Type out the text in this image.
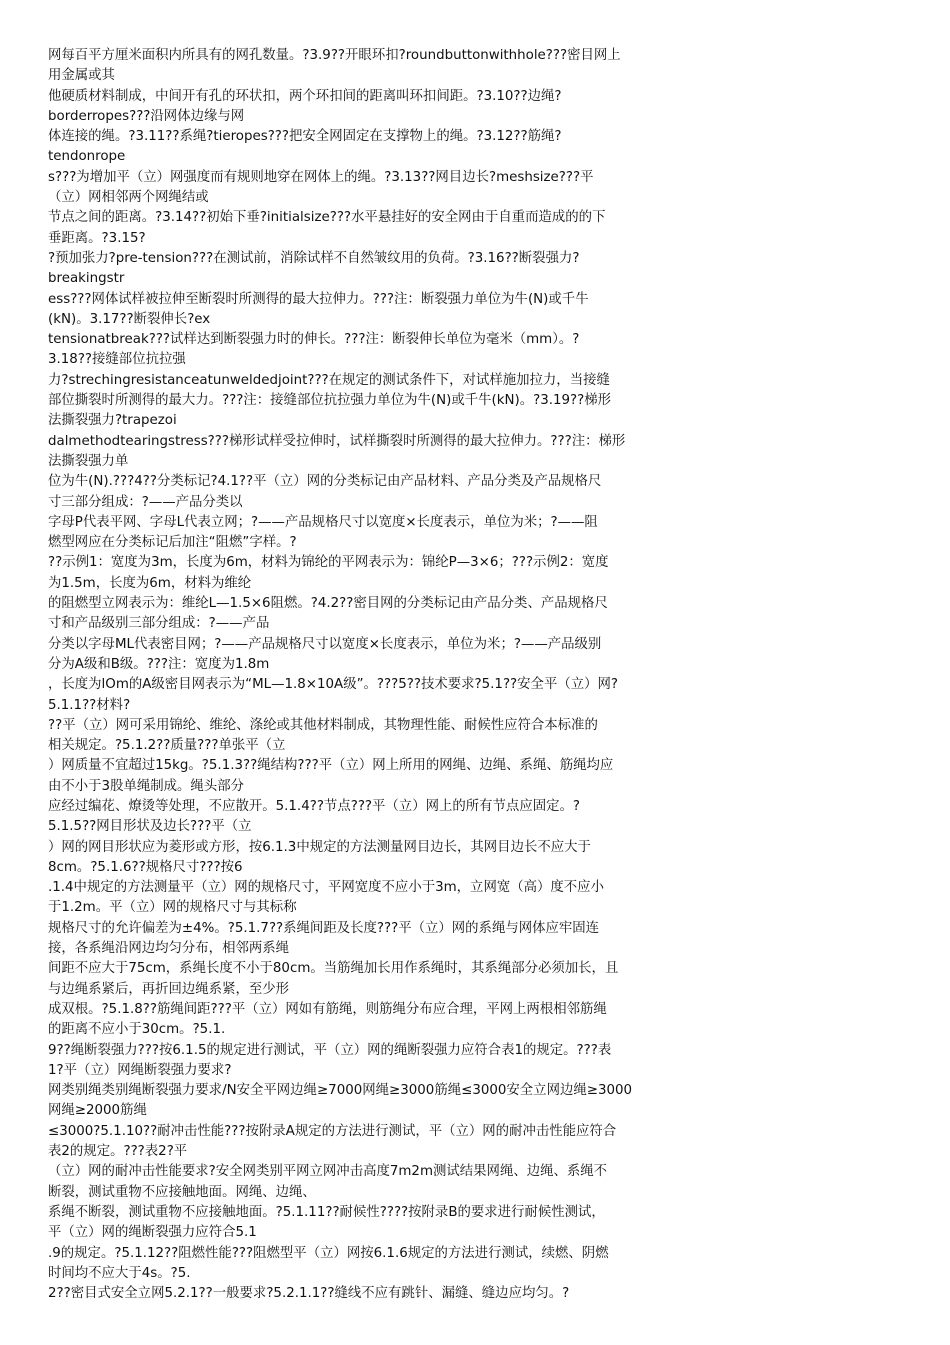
网每百平方厘米面积内所具有的网孔数量。?3.9??开眼环扣?roundbuttonwithhole???密目网上
用金属或其
他硬质材料制成，中间开有孔的环状扣，两个环扣间的距离叫环扣间距。?3.10??边绳?
borderropes???沿网体边缘与网
体连接的绳。?3.11??系绳?tieropes???把安全网固定在支撑物上的绳。?3.12??筋绳?
tendonrope
s???为增加平（立）网强度而有规则地穿在网体上的绳。?3.13??网目边长?meshsize???平
（立）网相邻两个网绳结或
节点之间的距离。?3.14??初始下垂?initialsize???水平悬挂好的安全网由于自重而造成的的下
垂距离。?3.15?
?预加张力?pre-tension???在测试前，消除试样不自然皱纹用的负荷。?3.16??断裂强力?
breakingstr
ess???网体试样被拉伸至断裂时所测得的最大拉伸力。???注：断裂强力单位为牛(N)或千牛
(kN)。3.17??断裂伸长?ex
tensionatbreak???试样达到断裂强力时的伸长。???注：断裂伸长单位为毫米（mm）。?
3.18??接缝部位抗拉强
力?strechingresistanceatunweldedjoint???在规定的测试条件下，对试样施加拉力，当接缝
部位撕裂时所测得的最大力。???注：接缝部位抗拉强力单位为牛(N)或千牛(kN)。?3.19??梯形
法撕裂强力?trapezoi
dalmethodtearingstress???梯形试样受拉伸时，试样撕裂时所测得的最大拉伸力。???注：梯形
法撕裂强力单
位为牛(N).???4??分类标记?4.1??平（立）网的分类标记由产品材料、产品分类及产品规格尺
寸三部分组成：?——产品分类以
字母P代表平网、字母L代表立网；?——产品规格尺寸以宽度×长度表示，单位为米；?——阻
燃型网应在分类标记后加注“阻燃”字样。?
??示例1：宽度为3m，长度为6m，材料为锦纶的平网表示为：锦纶P—3×6；???示例2：宽度
为1.5m，长度为6m，材料为维纶
的阻燃型立网表示为：维纶L—1.5×6阻燃。?4.2??密目网的分类标记由产品分类、产品规格尺
寸和产品级别三部分组成：?——产品
分类以字母ML代表密目网；?——产品规格尺寸以宽度×长度表示，单位为米；?——产品级别
分为A级和B级。???注：宽度为1.8m
，长度为lOm的A级密目网表示为“ML—1.8×10A级”。???5??技术要求?5.1??安全平（立）网?
5.1.1??材料?
??平（立）网可采用锦纶、维纶、涤纶或其他材料制成，其物理性能、耐候性应符合本标准的
相关规定。?5.1.2??质量???单张平（立
）网质量不宜超过15kg。?5.1.3??绳结构???平（立）网上所用的网绳、边绳、系绳、筋绳均应
由不小于3股单绳制成。绳头部分
应经过编花、燎烫等处理，不应散开。5.1.4??节点???平（立）网上的所有节点应固定。?
5.1.5??网目形状及边长???平（立
）网的网目形状应为菱形或方形，按6.1.3中规定的方法测量网目边长，其网目边长不应大于
8cm。?5.1.6??规格尺寸???按6
.1.4中规定的方法测量平（立）网的规格尺寸，平网宽度不应小于3m，立网宽（高）度不应小
于1.2m。平（立）网的规格尺寸与其标称
规格尺寸的允许偏差为±4%。?5.1.7??系绳间距及长度???平（立）网的系绳与网体应牢固连
接，各系绳沿网边均匀分布，相邻两系绳
间距不应大于75cm，系绳长度不小于80cm。当筋绳加长用作系绳时，其系绳部分必须加长，且
与边绳系紧后，再折回边绳系紧，至少形
成双根。?5.1.8??筋绳间距???平（立）网如有筋绳，则筋绳分布应合理，平网上两根相邻筋绳
的距离不应小于30cm。?5.1.
9??绳断裂强力???按6.1.5的规定进行测试，平（立）网的绳断裂强力应符合表1的规定。???表
1?平（立）网绳断裂强力要求?
网类别绳类别绳断裂强力要求/N安全平网边绳≥7000网绳≥3000筋绳≤3000安全立网边绳≥3000
网绳≥2000筋绳
≤3000?5.1.10??耐冲击性能???按附录A规定的方法进行测试，平（立）网的耐冲击性能应符合
表2的规定。???表2?平
（立）网的耐冲击性能要求?安全网类别平网立网冲击高度7m2m测试结果网绳、边绳、系绳不
断裂，测试重物不应接触地面。网绳、边绳、
系绳不断裂，测试重物不应接触地面。?5.1.11??耐候性????按附录B的要求进行耐候性测试，
平（立）网的绳断裂强力应符合5.1
.9的规定。?5.1.12??阻燃性能???阻燃型平（立）网按6.1.6规定的方法进行测试，续燃、阴燃
时间均不应大于4s。?5.
2??密目式安全立网5.2.1??一般要求?5.2.1.1??缝线不应有跳针、漏缝、缝边应均匀。?
